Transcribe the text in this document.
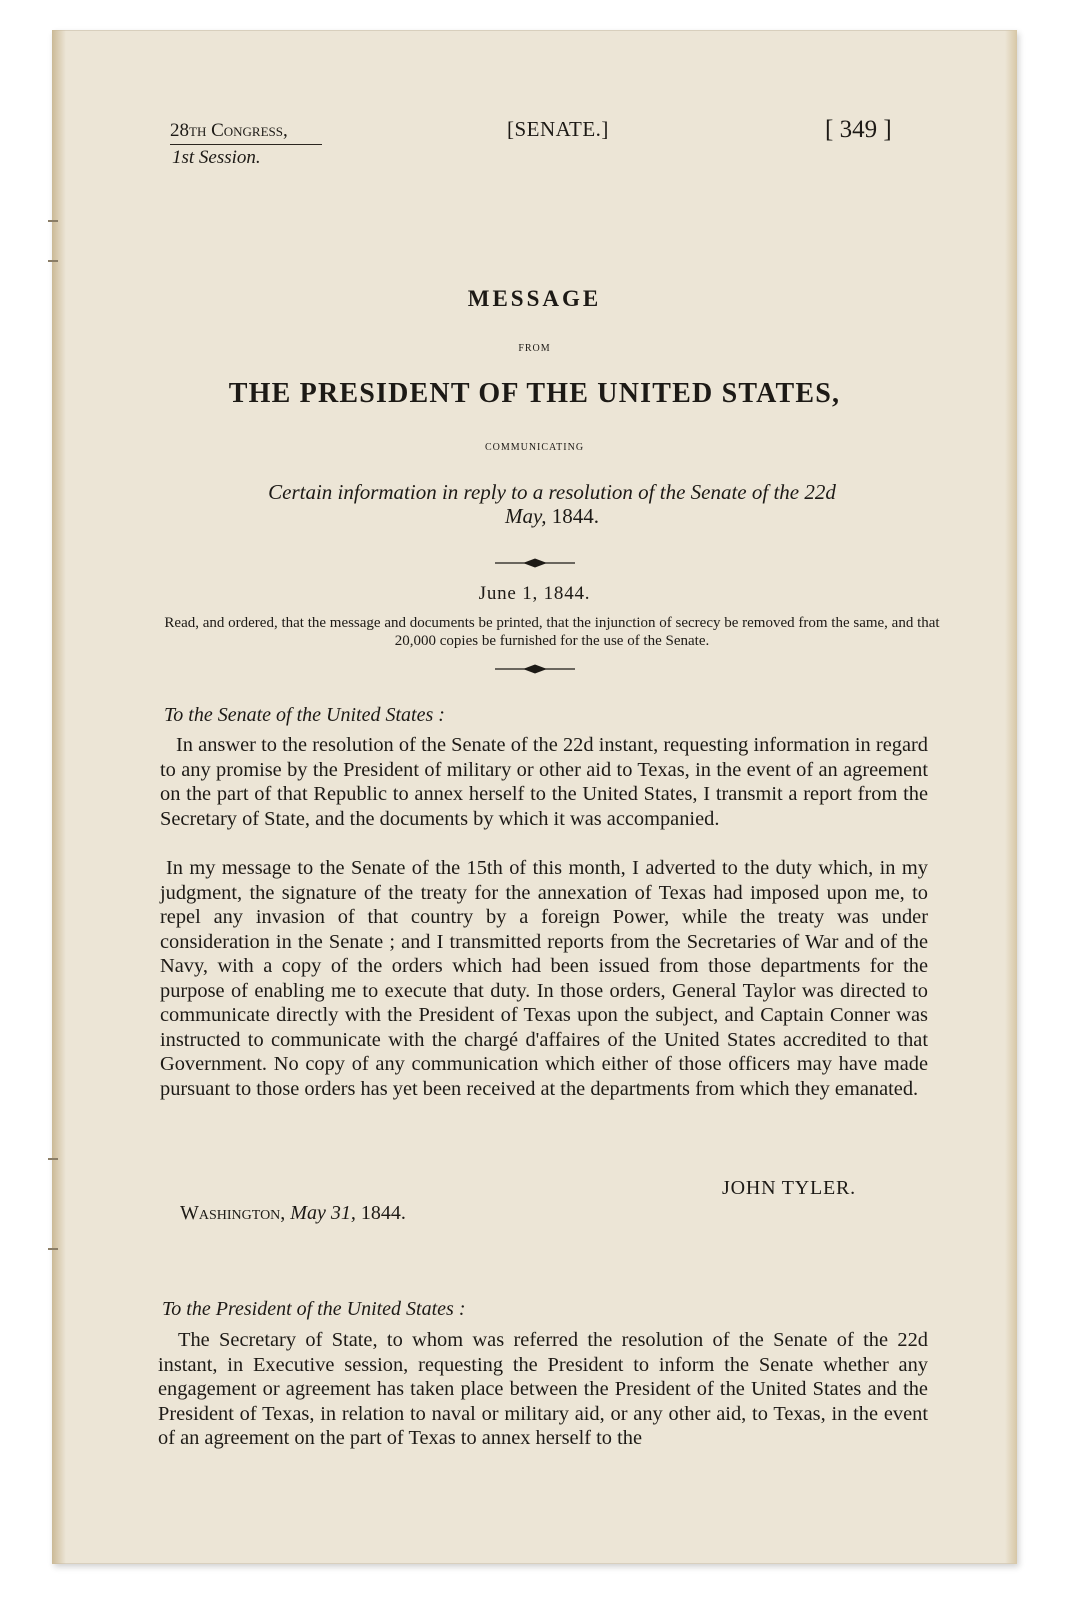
28th Congress,
1st Session.
[SENATE.]	[ 349 ]
MESSAGE
FROM
THE PRESIDENT OF THE UNITED STATES,
COMMUNICATING
Certain information in reply to a resolution of the Senate of the 22d
May, 1844.
June 1, 1844.
Read, and ordered, that the message and documents be printed, that the injunction of secrecy be removed from the same, and that 20,000 copies be furnished for the use of the Senate.
To the Senate of the United States :
In answer to the resolution of the Senate of the 22d instant, requesting information in regard to any promise by the President of military or other aid to Texas, in the event of an agreement on the part of that Republic to annex herself to the United States, I transmit a report from the Secretary of State, and the documents by which it was accompanied.
In my message to the Senate of the 15th of this month, I adverted to the duty which, in my judgment, the signature of the treaty for the annexation of Texas had imposed upon me, to repel any invasion of that country by a foreign Power, while the treaty was under consideration in the Senate ; and I transmitted reports from the Secretaries of War and of the Navy, with a copy of the orders which had been issued from those departments for the purpose of enabling me to execute that duty. In those orders, General Taylor was directed to communicate directly with the President of Texas upon the subject, and Captain Conner was instructed to communicate with the chargé d'affaires of the United States accredited to that Government. No copy of any communication which either of those officers may have made pursuant to those orders has yet been received at the departments from which they emanated.
JOHN TYLER.
Washington, May 31, 1844.
To the President of the United States :
The Secretary of State, to whom was referred the resolution of the Senate of the 22d instant, in Executive session, requesting the President to inform the Senate whether any engagement or agreement has taken place between the President of the United States and the President of Texas, in relation to naval or military aid, or any other aid, to Texas, in the event of an agreement on the part of Texas to annex herself to the
